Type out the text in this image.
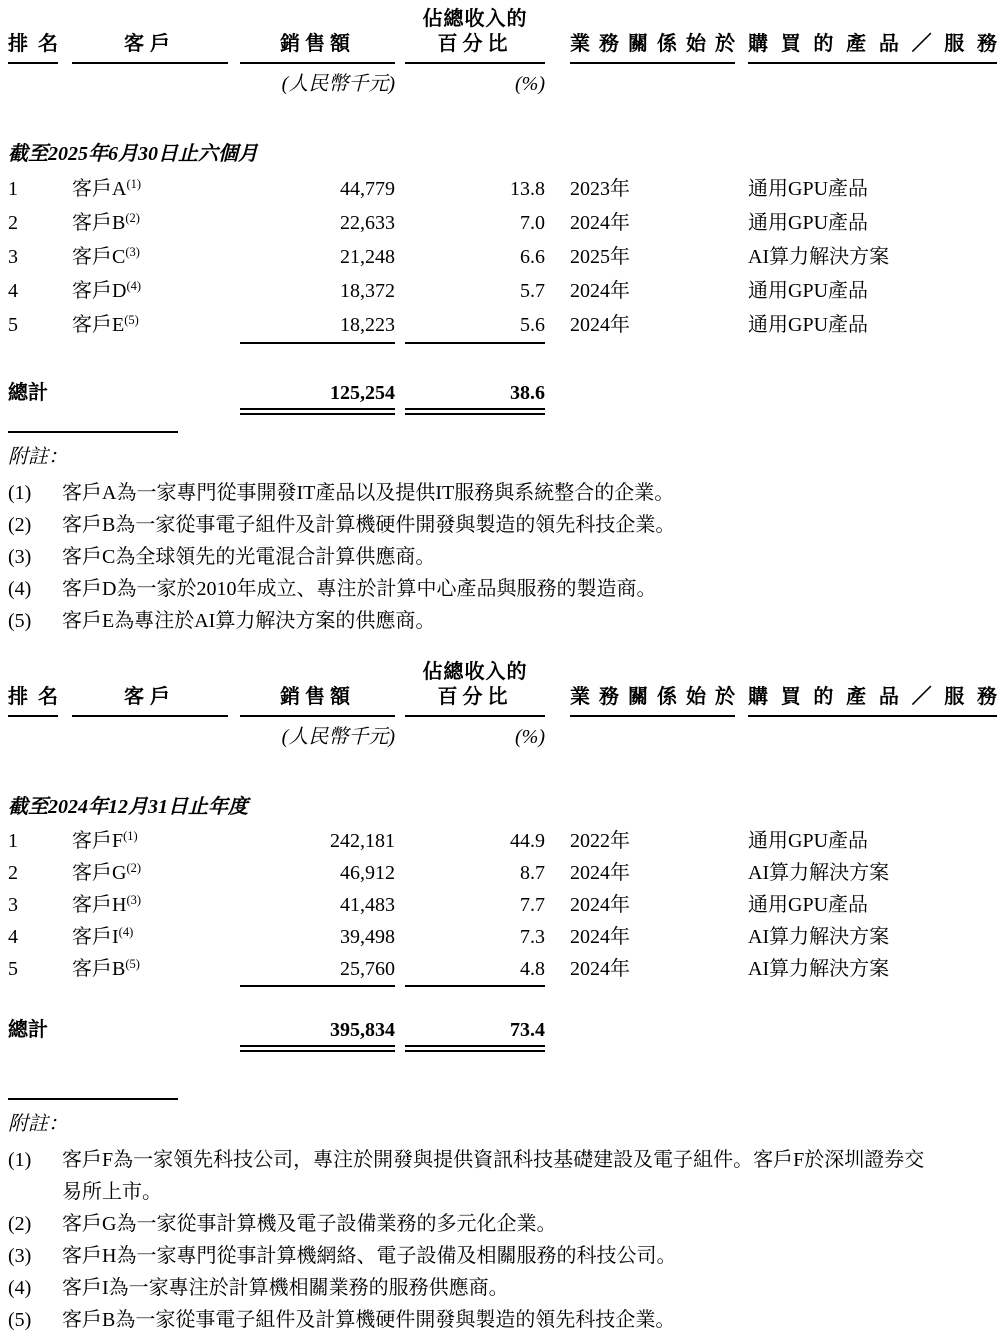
佔總收入的
排名	客戶	銷售額	百分比	業務關係始於 購買的產品／服務
(人民幣千元)	(%)
截至2025年6月30日止六個月
1	客戶$A^{(1)}$	44,779	13.8 2023年	通用GPU產品
2	客戶$B^{(2)}$	22,633	7.0 2024年	通用GPU產品
3	客戶$C^{(3)}$	21,248	6.6 2025年	AI算力解決方案
4	客戶$D^{(4)}$	18,372	5.7 2024年	通用GPU產品
5	客戶$E^{(5)}$	18,223	5.6 2024年	通用GPU產品
總計	125,254	38.6
附註：
(1)	客戶A為一家專門從事開發IT產品以及提供IT服務與系統整合的企業。
(2)	客戶B為一家從事電子組件及計算機硬件開發與製造的領先科技企業。
(3)	客戶C為全球領先的光電混合計算供應商。
(4)	客戶D為一家於2010年成立、專注於計算中心產品與服務的製造商。
(5)	客戶E為專注於AI算力解決方案的供應商。
佔總收入的
排名	客戶	銷售額	百分比	業務關係始於 購買的產品／服務
(人民幣千元)	(%)
截至2024年12月31日止年度
1	客戶$F^{(1)}$	242,181	44.9 2022年	通用GPU產品
2	客戶$G^{(2)}$	46,912	8.7 2024年	AI算力解決方案
3	客戶$H^{(3)}$	41,483	7.7 2024年	通用GPU產品
4	客戶$I^{(4)}$	39,498	7.3 2024年	AI算力解決方案
5	客戶$B^{(5)}$	25,760	4.8 2024年	AI算力解決方案
總計	395,834	73.4
附註：
(1)	客戶F為一家領先科技公司，專注於開發與提供資訊科技基礎建設及電子組件。客戶F於深圳證券交
易所上市。
(2)	客戶G為一家從事計算機及電子設備業務的多元化企業。
(3)	客戶H為一家專門從事計算機網絡、電子設備及相關服務的科技公司。
(4)	客戶I為一家專注於計算機相關業務的服務供應商。
(5)	客戶B為一家從事電子組件及計算機硬件開發與製造的領先科技企業。
